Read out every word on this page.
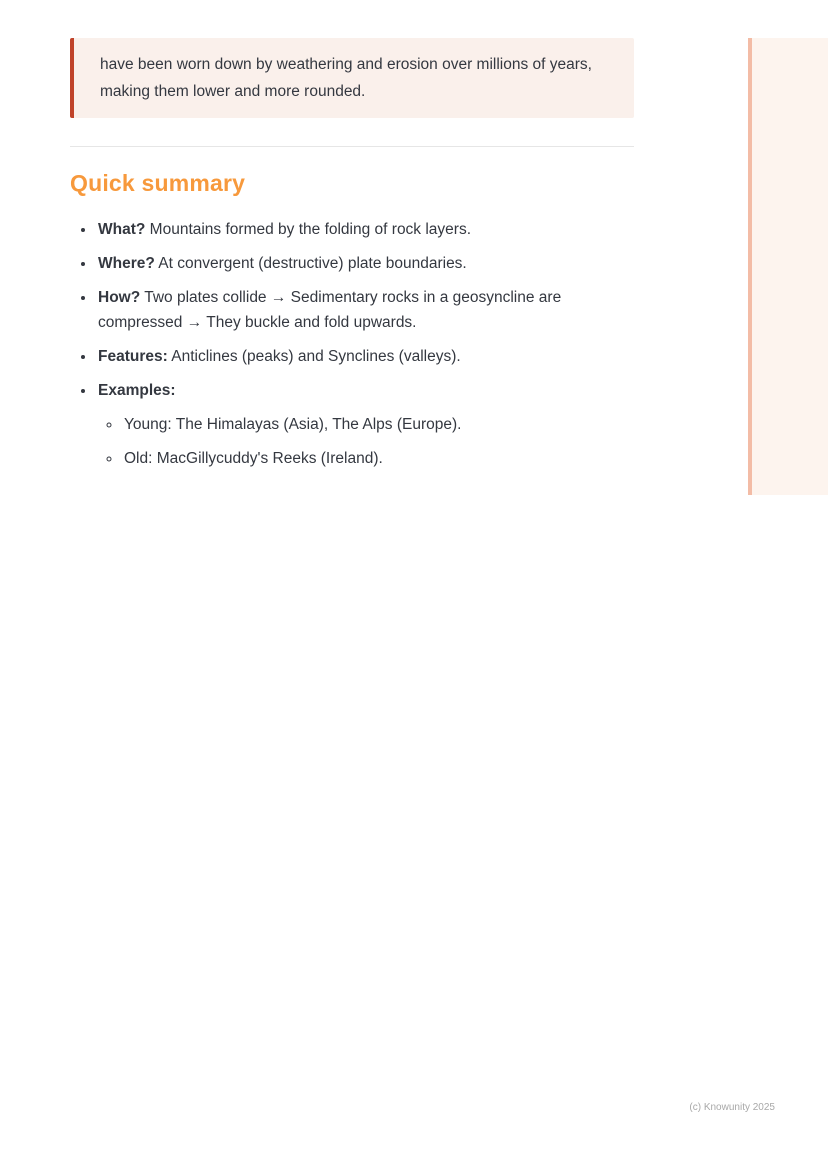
have been worn down by weathering and erosion over millions of years, making them lower and more rounded.
Quick summary
• What? Mountains formed by the folding of rock layers.
• Where? At convergent (destructive) plate boundaries.
• How? Two plates collide → Sedimentary rocks in a geosyncline are compressed → They buckle and fold upwards.
• Features: Anticlines (peaks) and Synclines (valleys).
• Examples:
◦ Young: The Himalayas (Asia), The Alps (Europe).
◦ Old: MacGillycuddy's Reeks (Ireland).
(c) Knowunity 2025
